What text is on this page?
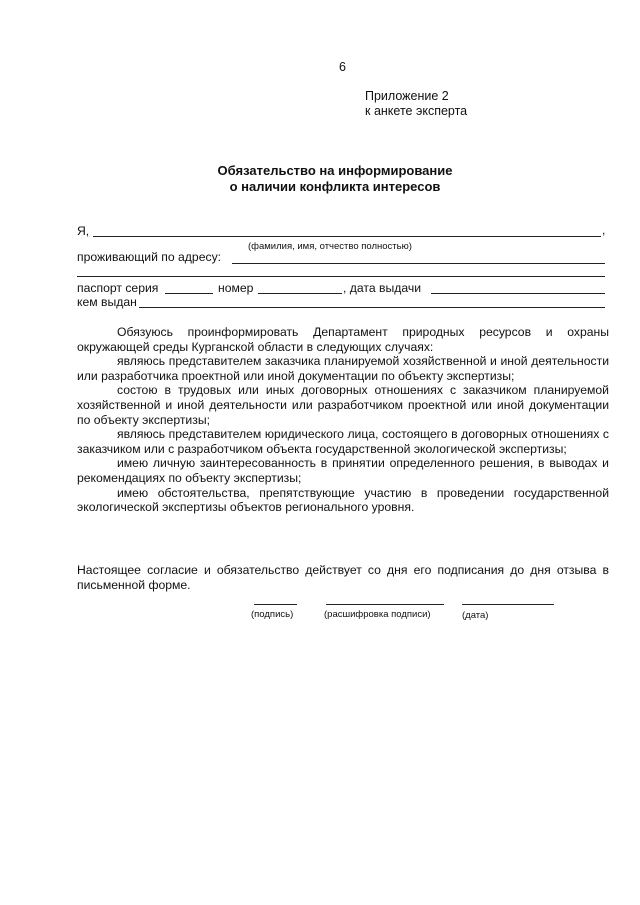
6
Приложение 2
к анкете эксперта
Обязательство на информирование
о наличии конфликта интересов
Я,	,
(фамилия, имя, отчество полностью)
проживающий по адресу:
паспорт серия	номер	, дата выдачи
кем выдан

Обязуюсь проинформировать Департамент природных ресурсов и охраны окружающей среды Курганской области в следующих случаях:

являюсь представителем заказчика планируемой хозяйственной и иной деятельности или разработчика проектной или иной документации по объекту экспертизы;

состою в трудовых или иных договорных отношениях с заказчиком планируемой хозяйственной и иной деятельности или разработчиком проектной или иной документации по объекту экспертизы;

являюсь представителем юридического лица, состоящего в договорных отношениях с заказчиком или с разработчиком объекта государственной экологической экспертизы;

имею личную заинтересованность в принятии определенного решения, в выводах и рекомендациях по объекту экспертизы;

имею обстоятельства, препятствующие участию в проведении государственной экологической экспертизы объектов регионального уровня.

Настоящее согласие и обязательство действует со дня его подписания до дня отзыва в письменной форме.

(подпись)	(расшифровка подписи)	(дата)
